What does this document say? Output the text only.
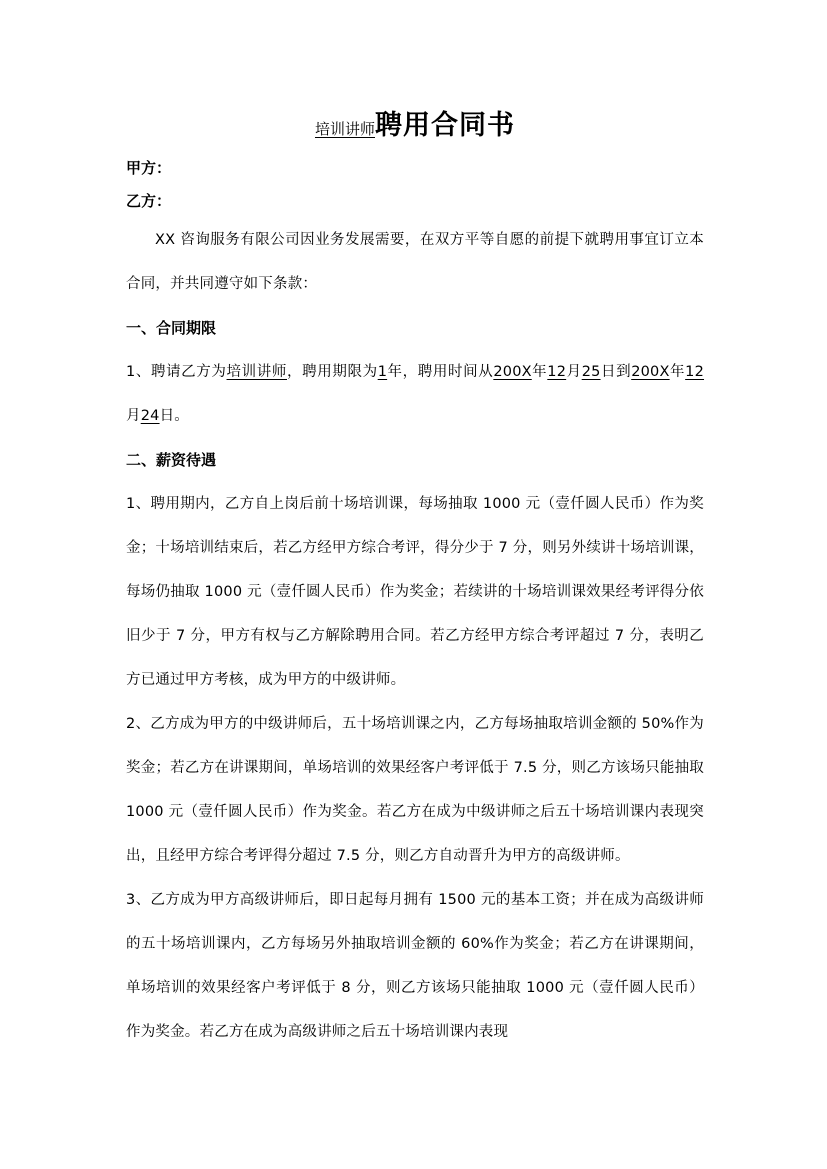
培训讲师聘用合同书
甲方：
乙方：

XX 咨询服务有限公司因业务发展需要，在双方平等自愿的前提下就聘用事宜订立本合同，并共同遵守如下条款：

一、合同期限

1、聘请乙方为培训讲师，聘用期限为1年，聘用时间从200X年12月25日到200X年12月24日。

二、薪资待遇

1、聘用期内，乙方自上岗后前十场培训课，每场抽取 1000 元（壹仟圆人民币）作为奖金；十场培训结束后，若乙方经甲方综合考评，得分少于 7 分，则另外续讲十场培训课，每场仍抽取 1000 元（壹仟圆人民币）作为奖金；若续讲的十场培训课效果经考评得分依旧少于 7 分，甲方有权与乙方解除聘用合同。若乙方经甲方综合考评超过 7 分，表明乙方已通过甲方考核，成为甲方的中级讲师。

2、乙方成为甲方的中级讲师后，五十场培训课之内，乙方每场抽取培训金额的 50%作为奖金；若乙方在讲课期间，单场培训的效果经客户考评低于 7.5 分，则乙方该场只能抽取 1000 元（壹仟圆人民币）作为奖金。若乙方在成为中级讲师之后五十场培训课内表现突出，且经甲方综合考评得分超过 7.5 分，则乙方自动晋升为甲方的高级讲师。

3、乙方成为甲方高级讲师后，即日起每月拥有 1500 元的基本工资；并在成为高级讲师的五十场培训课内，乙方每场另外抽取培训金额的 60%作为奖金；若乙方在讲课期间，单场培训的效果经客户考评低于 8 分，则乙方该场只能抽取 1000 元（壹仟圆人民币）作为奖金。若乙方在成为高级讲师之后五十场培训课内表现
